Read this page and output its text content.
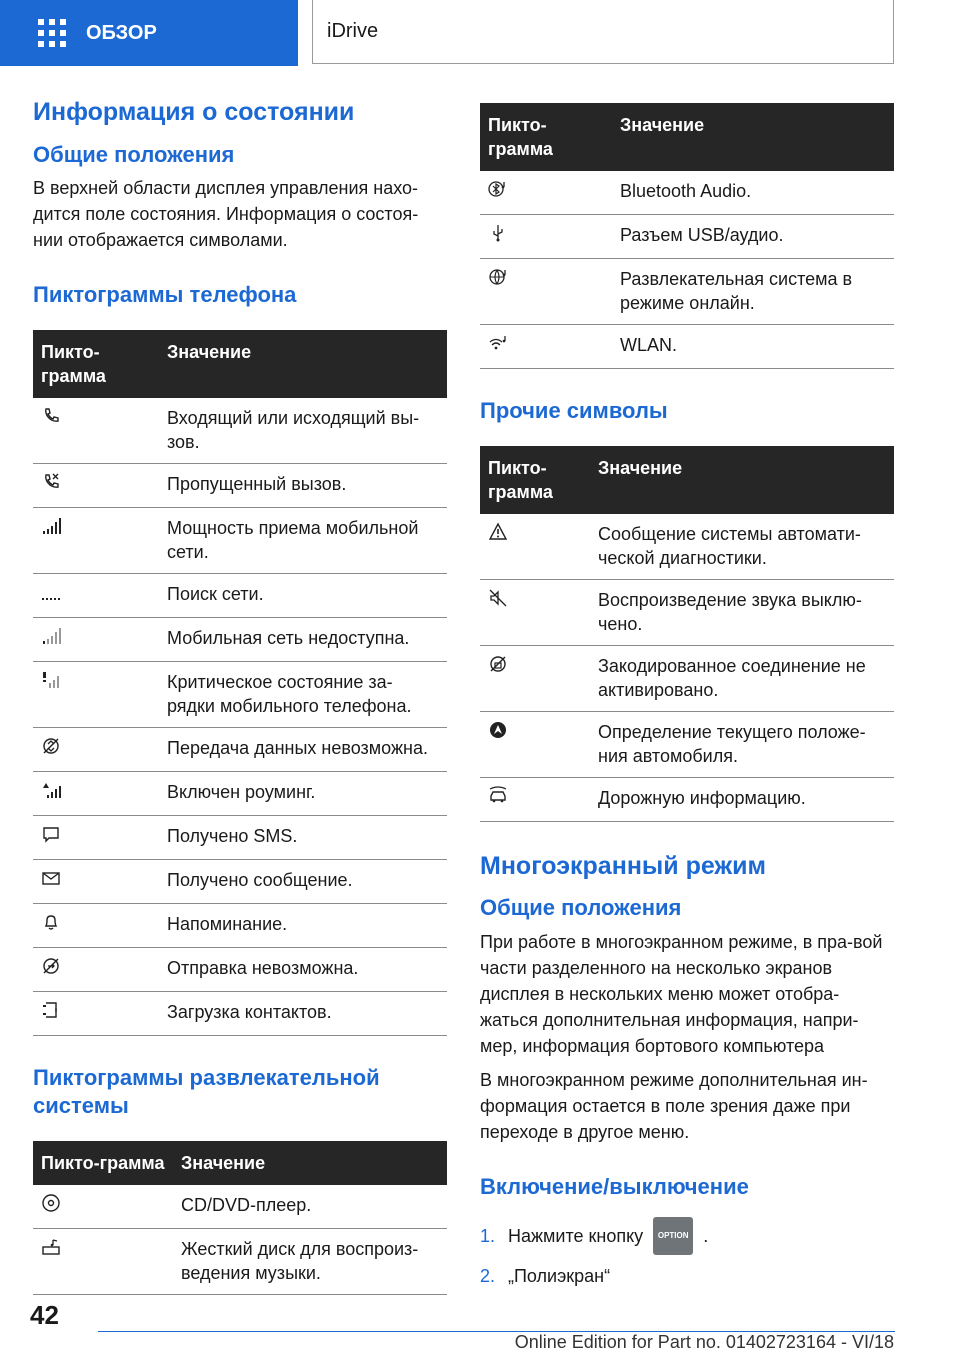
ОБЗОР	iDrive
Информация о состоянии
Общие положения

В верхней области дисплея управления нахо-дится поле состояния. Информация о состоя-нии отображается символами.

Пиктограммы телефона
Пикто-грамма	Значение

	Входящий или исходящий вы-зов.

	Пропущенный вызов.

	Мощность приема мобильной сети.

	Поиск сети.

	Мобильная сеть недоступна.

	Критическое состояние за-рядки мобильного телефона.

	Передача данных невозможна.

	Включен роуминг.

	Получено SMS.

	Получено сообщение.

	Напоминание.

	Отправка невозможна.

	Загрузка контактов.
Пиктограммы развлекательной системы
Пикто-грамма	Значение

	CD/DVD-плеер.

	Жесткий диск для воспроиз-ведения музыки.
Пикто-грамма	Значение

	Bluetooth Audio.

	Разъем USB/аудио.

	Развлекательная система в режиме онлайн.

	WLAN.
Прочие символы
Пикто-грамма	Значение

	Сообщение системы автомати-ческой диагностики.

	Воспроизведение звука выклю-чено.

	Закодированное соединение не активировано.

	Определение текущего положе-ния автомобиля.

	Дорожную информацию.
Многоэкранный режим
Общие положения

При работе в многоэкранном режиме, в пра-вой части разделенного на несколько экранов дисплея в нескольких меню может отобра-жаться дополнительная информация, напри-мер, информация бортового компьютера

В многоэкранном режиме дополнительная ин-формация остается в поле зрения даже при переходе в другое меню.

Включение/выключение
1. Нажмите кнопку	OPTION .
2. „Полиэкран“
42
Online Edition for Part no. 01402723164 - VI/18
